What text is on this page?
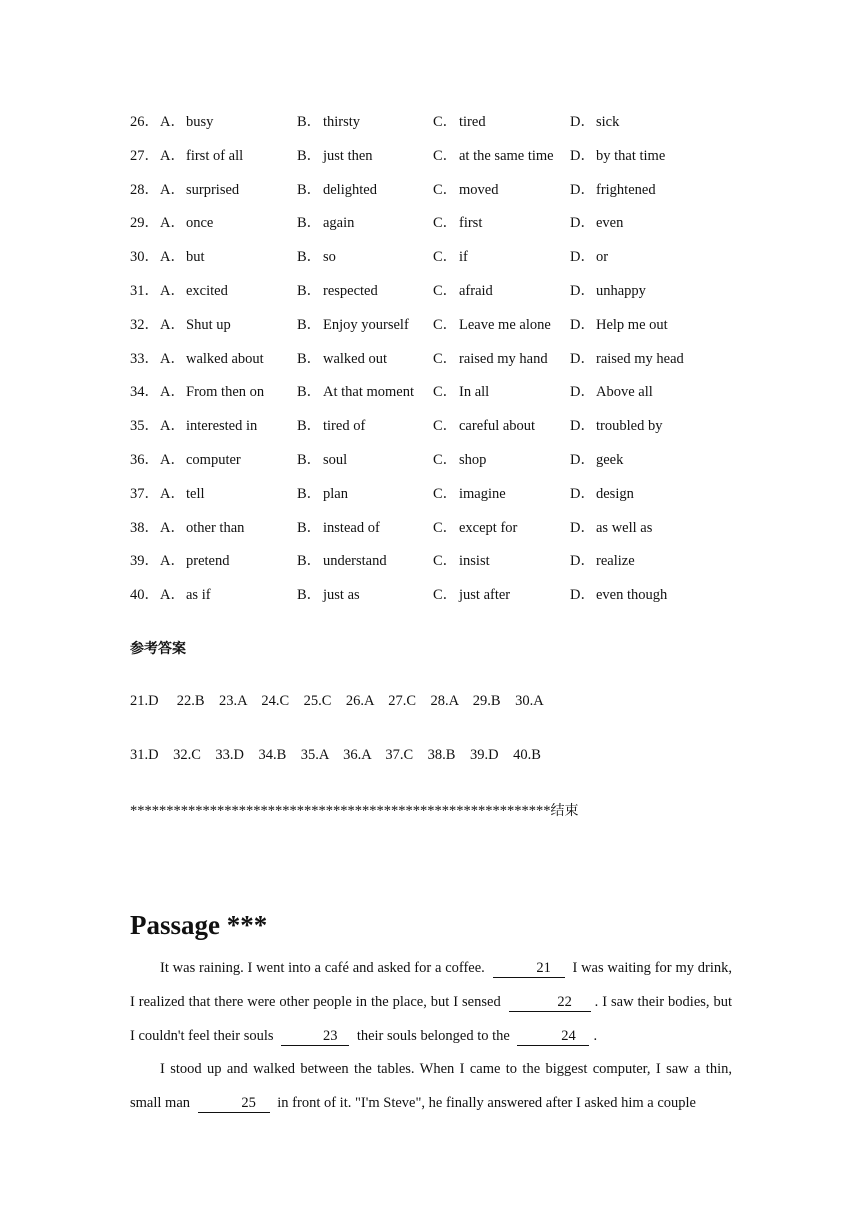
26． A．busy	B． thirsty	C． tired	D．sick
27． A．first of all	B． just then	C． at the same time D．by that time
28． A．surprised	B． delighted	C． moved	D．frightened
29． A．once	B． again	C． first	D．even
30． A．but	B． so	C． if	D．or
31． A．excited	B． respected	C． afraid	D．unhappy
32． A．Shut up	B． Enjoy yourself C． Leave me alone D．Help me out
33． A．walked about B． walked out	C． raised my hand D．raised my head
34． A．From then on B． At that moment C． In all	D．Above all
35． A．interested in	B． tired of	C． careful about D．troubled by
36． A．computer	B． soul	C． shop	D．geek
37． A．tell	B． plan	C． imagine	D．design
38． A．other than	B． instead of	C． except for	D．as well as
39． A．pretend	B． understand	C． insist	D．realize
40． A．as if	B． just as	C． just after	D．even though
参考答案
21.D     22.B    23.A    24.C    25.C    26.A    27.C    28.A    29.B    30.A
31.D    32.C    33.D    34.B    35.A    36.A    37.C    38.B    39.D    40.B
**********************************************************结束
Passage ***

It was raining. I went into a café and asked for a coffee.	21 I was waiting for my drink, I realized that there were other people in the place, but I sensed	22 . I saw their bodies, but I couldn't feel their souls	23 their souls belonged to the	24 .

I stood up and walked between the tables. When I came to the biggest computer, I saw a thin, small man	25 in front of it. "I'm Steve", he finally answered after I asked him a couple
